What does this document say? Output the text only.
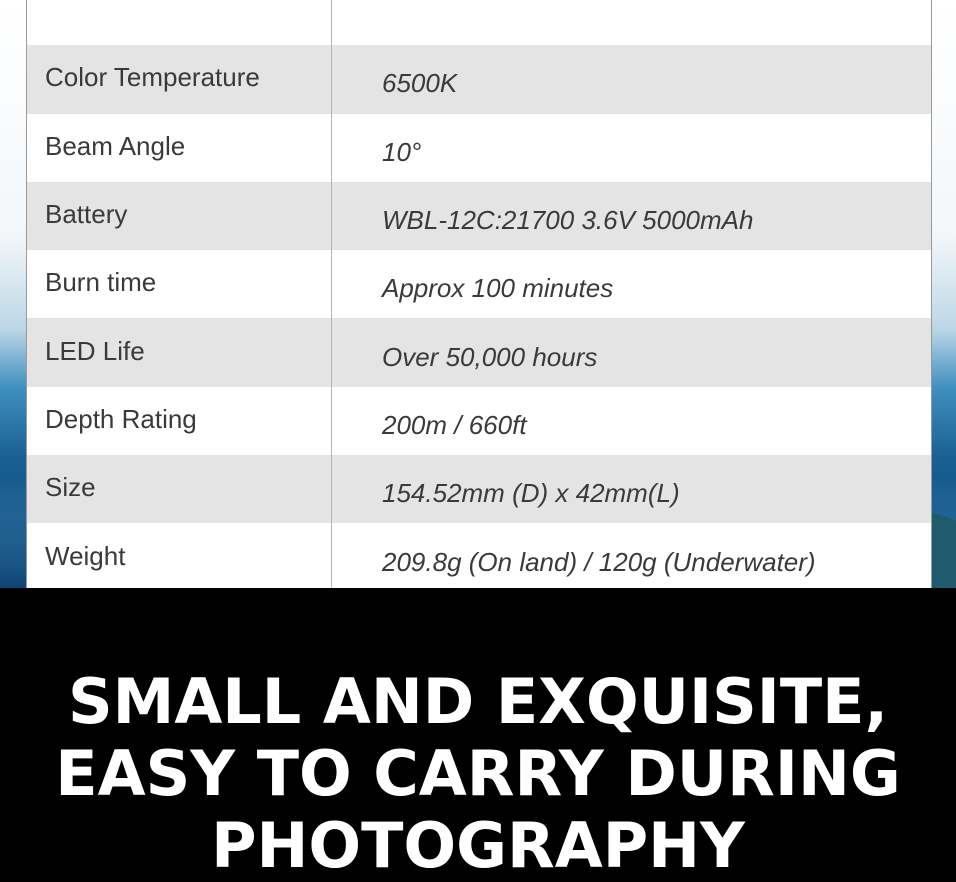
Color Temperature	6500K
Beam Angle	10°
Battery	WBL-12C:21700 3.6V 5000mAh
Burn time	Approx 100 minutes
LED Life	Over 50,000 hours
Depth Rating	200m / 660ft
Size	154.52mm (D) x 42mm(L)
Weight	209.8g (On land) / 120g (Underwater)
SMALL AND EXQUISITE,
EASY TO CARRY DURING
PHOTOGRAPHY
